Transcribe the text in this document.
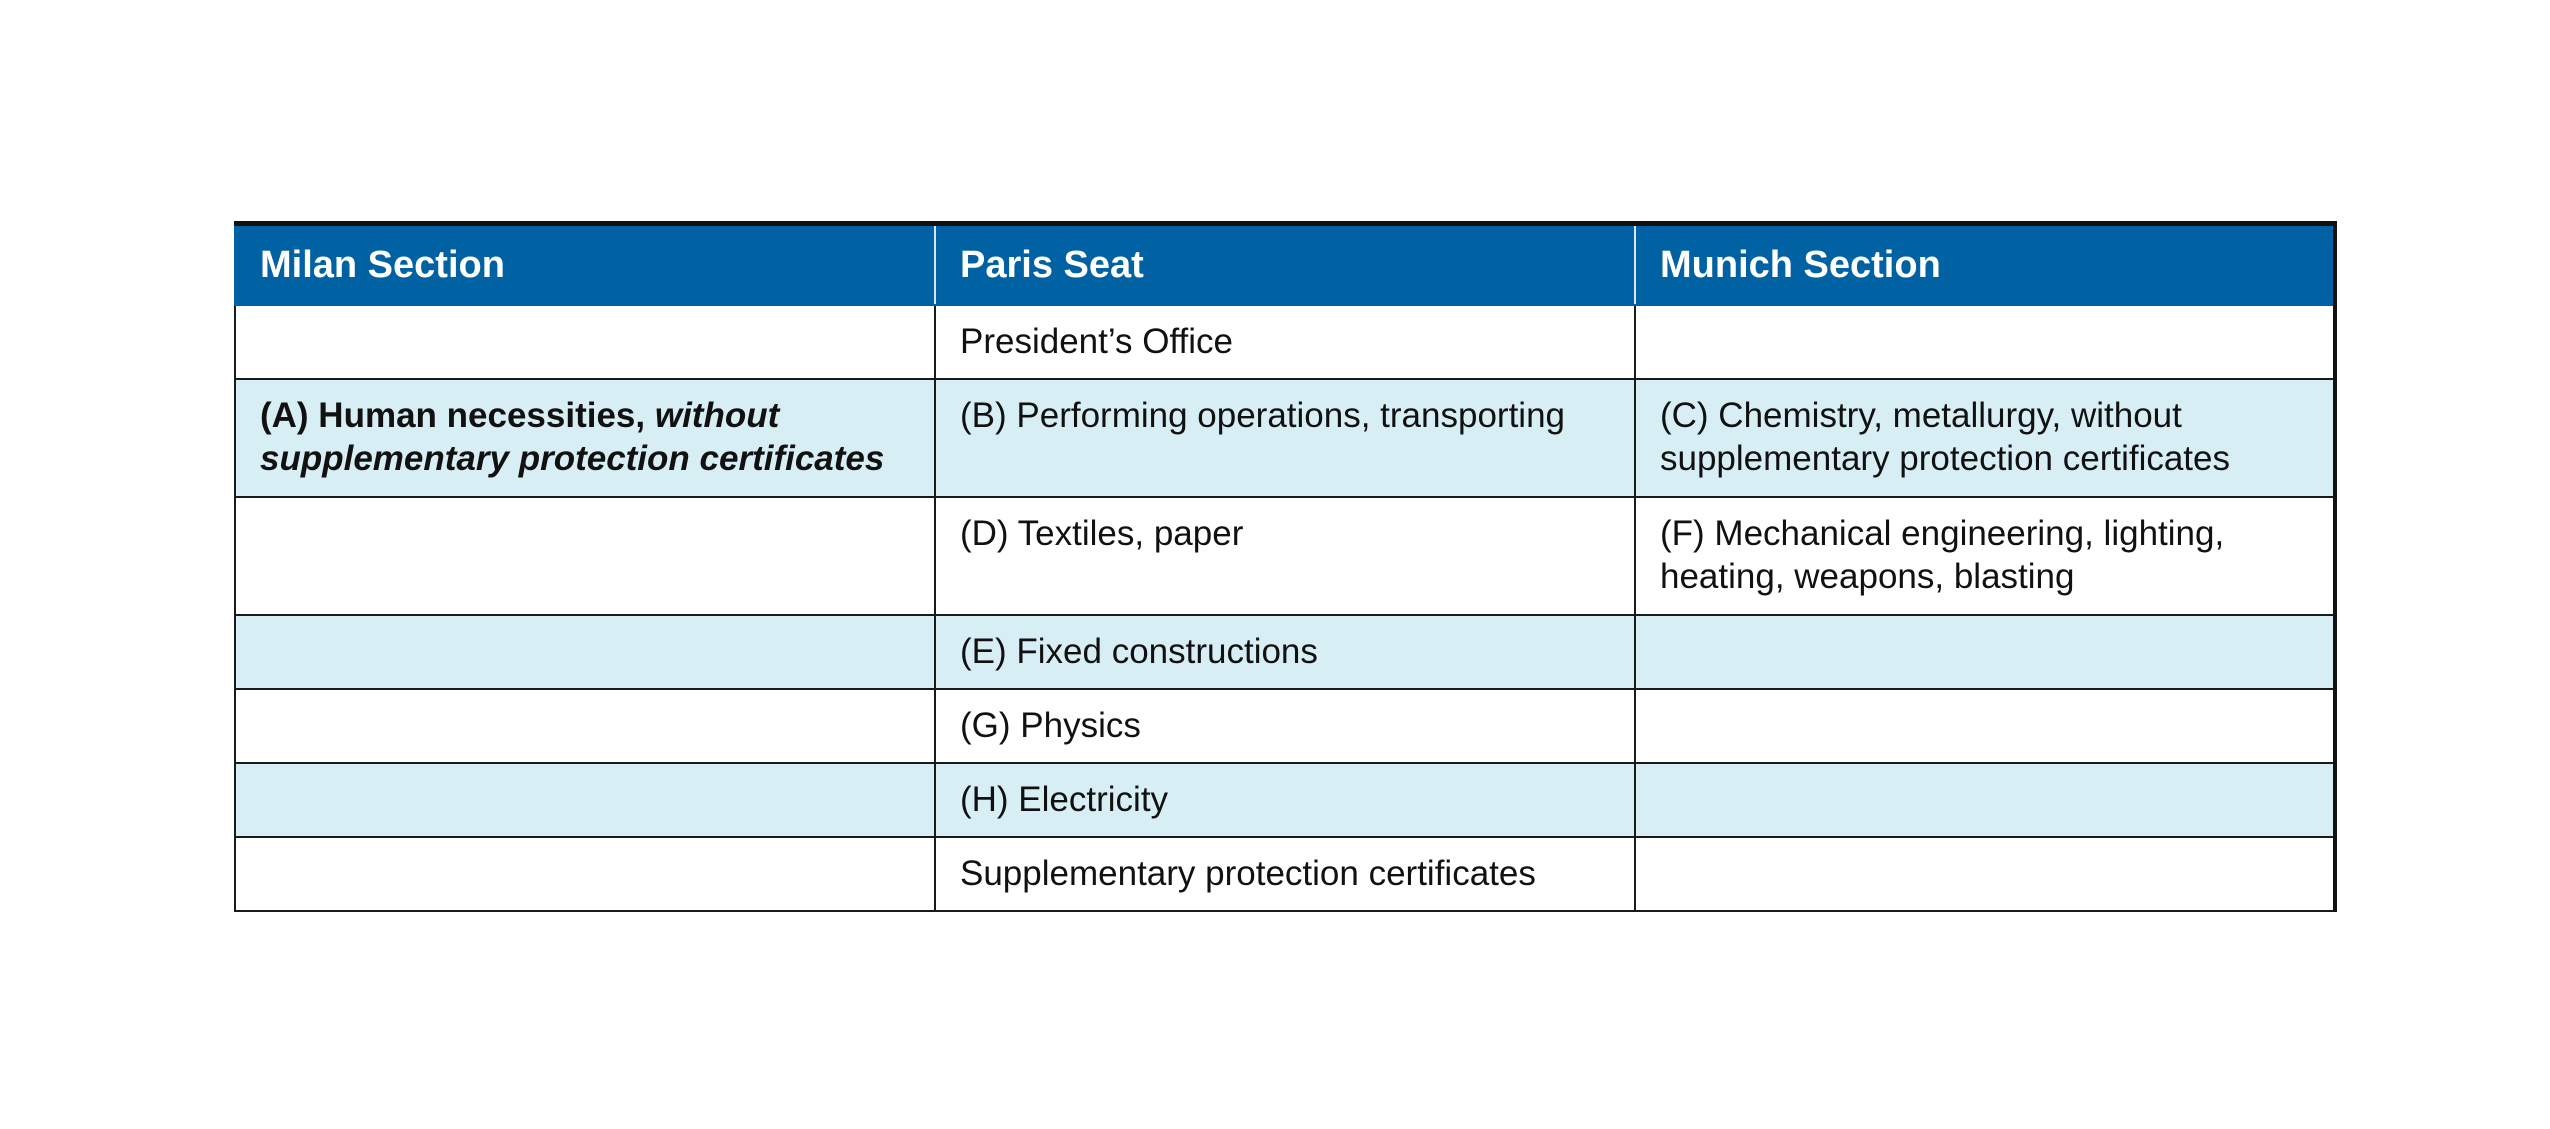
Milan Section	Paris Seat	Munich Section
	President’s Office	
(A) Human necessities, without supplementary protection certificates	(B) Performing operations, transporting	(C) Chemistry, metallurgy, without supplementary protection certificates
	(D) Textiles, paper	(F) Mechanical engineering, lighting, heating, weapons, blasting
	(E) Fixed constructions	
	(G) Physics	
	(H) Electricity	
	Supplementary protection certificates	
